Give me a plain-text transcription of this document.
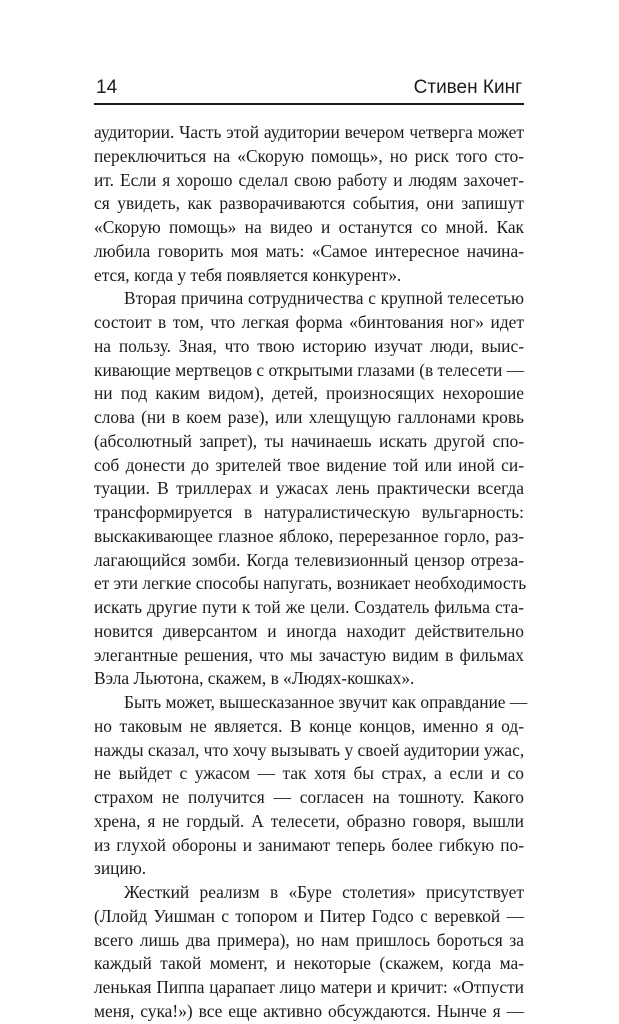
14	Стивен Кинг
аудитории. Часть этой аудитории вечером четверга может
переключиться на «Скорую помощь», но риск того сто-
ит. Если я хорошо сделал свою работу и людям захочет-
ся увидеть, как разворачиваются события, они запишут
«Скорую помощь» на видео и останутся со мной. Как
любила говорить моя мать: «Самое интересное начина-
ется, когда у тебя появляется конкурент».
Вторая причина сотрудничества с крупной телесетью
состоит в том, что легкая форма «бинтования ног» идет
на пользу. Зная, что твою историю изучат люди, выис-
кивающие мертвецов с открытыми глазами (в телесети —
ни под каким видом), детей, произносящих нехорошие
слова (ни в коем разе), или хлещущую галлонами кровь
(абсолютный запрет), ты начинаешь искать другой спо-
соб донести до зрителей твое видение той или иной си-
туации. В триллерах и ужасах лень практически всегда
трансформируется в натуралистическую вульгарность:
выскакивающее глазное яблоко, перерезанное горло, раз-
лагающийся зомби. Когда телевизионный цензор отреза-
ет эти легкие способы напугать, возникает необходимость
искать другие пути к той же цели. Создатель фильма ста-
новится диверсантом и иногда находит действительно
элегантные решения, что мы зачастую видим в фильмах
Вэла Льютона, скажем, в «Людях-кошках».
Быть может, вышесказанное звучит как оправдание —
но таковым не является. В конце концов, именно я од-
нажды сказал, что хочу вызывать у своей аудитории ужас,
не выйдет с ужасом — так хотя бы страх, а если и со
страхом не получится — согласен на тошноту. Какого
хрена, я не гордый. А телесети, образно говоря, вышли
из глухой обороны и занимают теперь более гибкую по-
зицию.
Жесткий реализм в «Буре столетия» присутствует
(Ллойд Уишман с топором и Питер Годсо с веревкой —
всего лишь два примера), но нам пришлось бороться за
каждый такой момент, и некоторые (скажем, когда ма-
ленькая Пиппа царапает лицо матери и кричит: «Отпусти
меня, сука!») все еще активно обсуждаются. Нынче я —
